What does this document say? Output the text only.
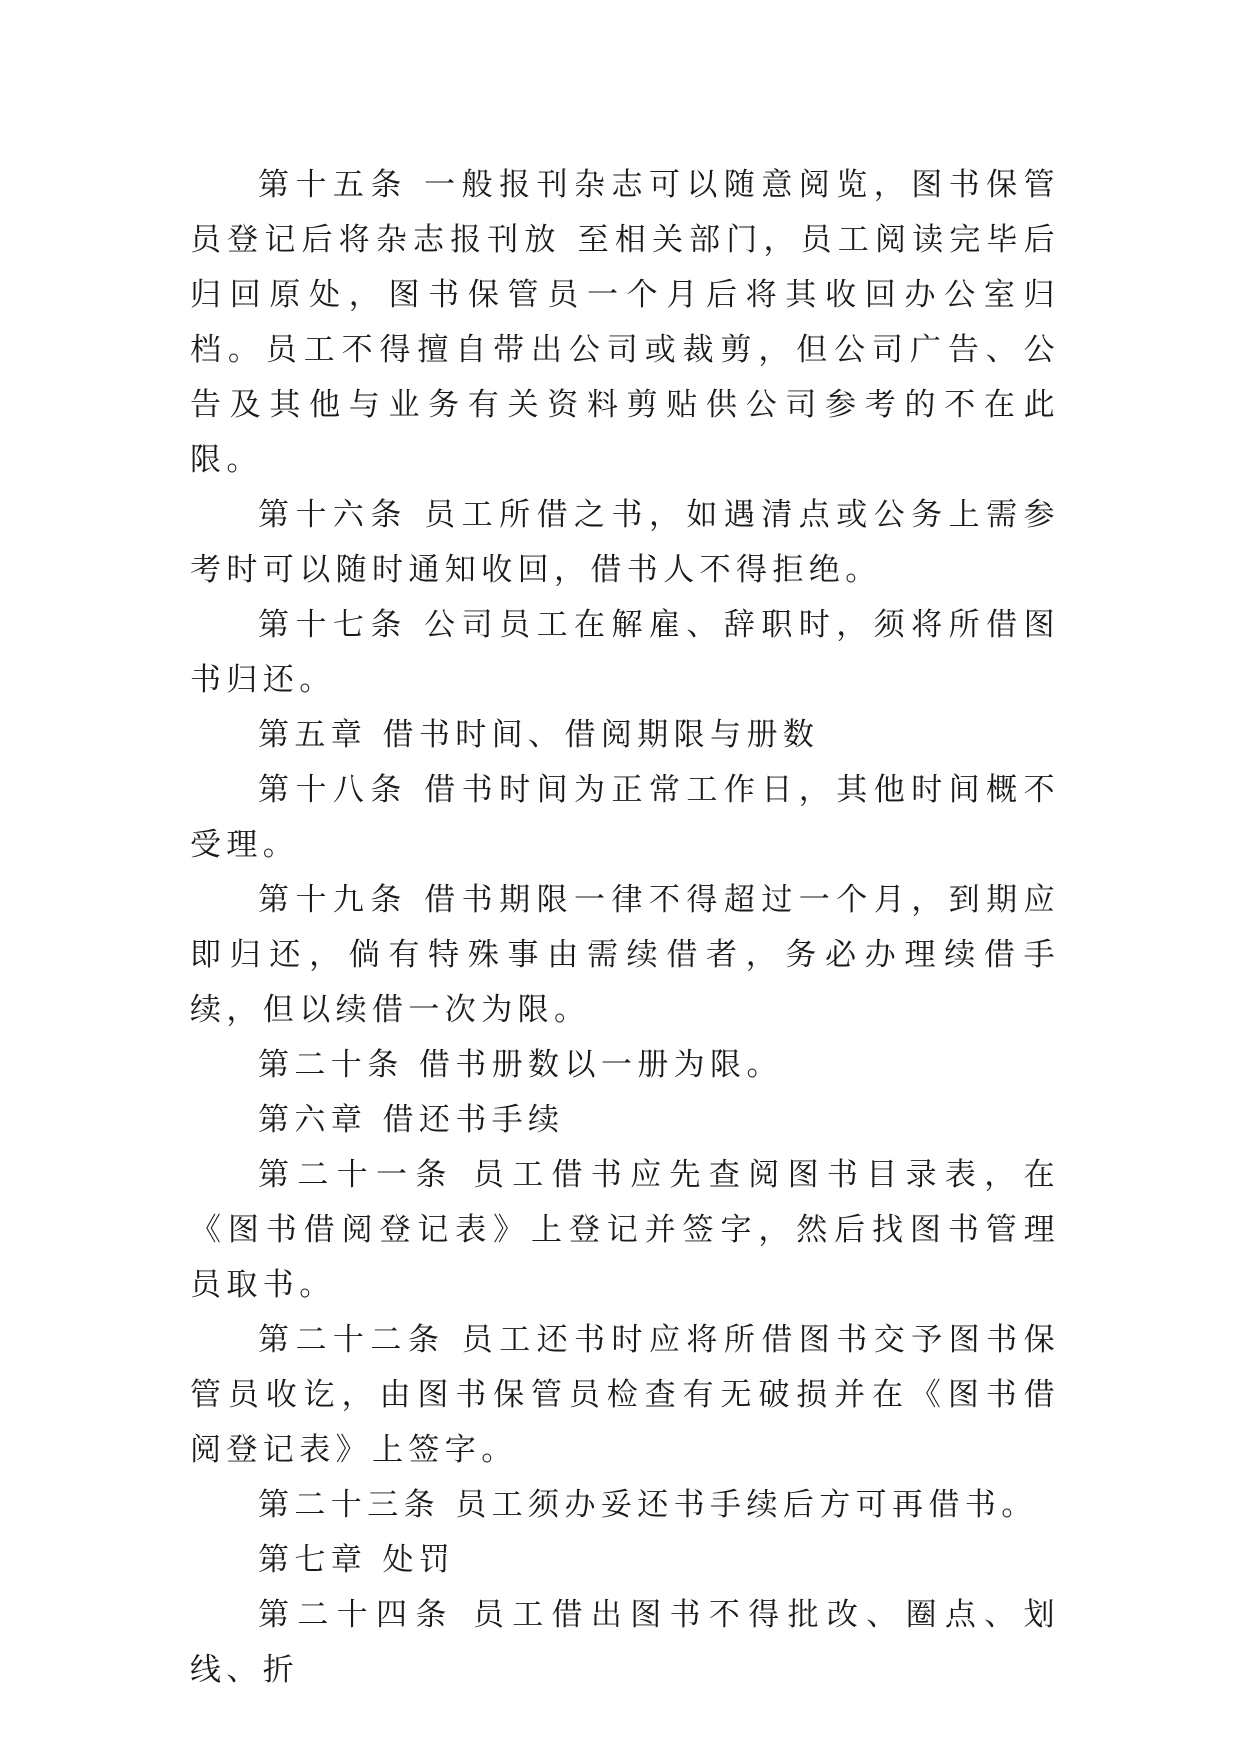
第十五条 一般报刊杂志可以随意阅览，图书保管员登记后将杂志报刊放 至相关部门，员工阅读完毕后归回原处，图书保管员一个月后将其收回办公室归档。员工不得擅自带出公司或裁剪，但公司广告、公告及其他与业务有关资料剪贴供公司参考的不在此限。

第十六条 员工所借之书，如遇清点或公务上需参考时可以随时通知收回，借书人不得拒绝。

第十七条 公司员工在解雇、辞职时，须将所借图书归还。

第五章 借书时间、借阅期限与册数

第十八条 借书时间为正常工作日，其他时间概不受理。

第十九条 借书期限一律不得超过一个月，到期应即归还，倘有特殊事由需续借者，务必办理续借手续，但以续借一次为限。

第二十条 借书册数以一册为限。

第六章 借还书手续

第二十一条 员工借书应先查阅图书目录表，在《图书借阅登记表》上登记并签字，然后找图书管理员取书。

第二十二条 员工还书时应将所借图书交予图书保管员收讫，由图书保管员检查有无破损并在《图书借阅登记表》上签字。

第二十三条 员工须办妥还书手续后方可再借书。

第七章 处罚

第二十四条 员工借出图书不得批改、圈点、划线、折
